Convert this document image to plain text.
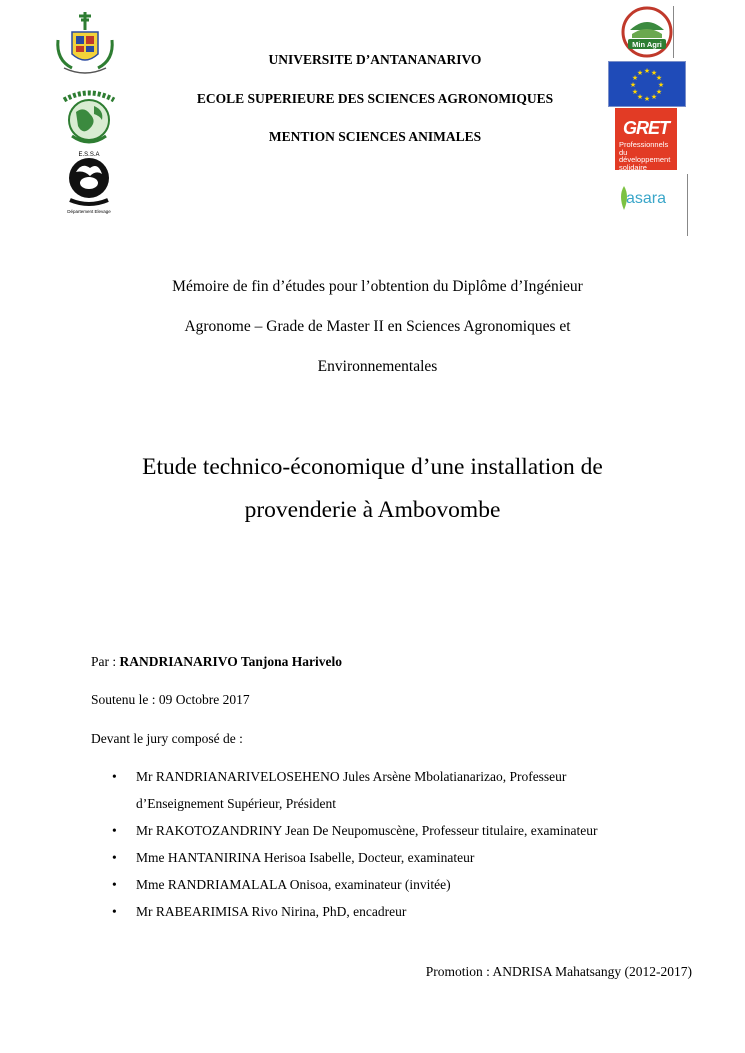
E.S.S.A
Département Elevage
Min Agri
★ ★
★
★
★
★
★
★
★
★
★
★
GRET
Professionnels du
développement
solidaire
asara
UNIVERSITE D’ANTANANARIVO
ECOLE SUPERIEURE DES SCIENCES AGRONOMIQUES
MENTION SCIENCES ANIMALES
Mémoire de fin d’études pour l’obtention du Diplôme d’Ingénieur
Agronome – Grade de Master II en Sciences Agronomiques et
Environnementales
Etude technico-économique d’une installation de
provenderie à Ambovombe
Par : RANDRIANARIVO Tanjona Harivelo
Soutenu le : 09 Octobre 2017
Devant le jury composé de :
• Mr RANDRIANARIVELOSEHENO Jules Arsène Mbolatianarizao, Professeur
d’Enseignement Supérieur, Président
• Mr RAKOTOZANDRINY Jean De Neupomuscène, Professeur titulaire, examinateur
• Mme HANTANIRINA Herisoa Isabelle, Docteur, examinateur
• Mme RANDRIAMALALA Onisoa, examinateur (invitée)
• Mr RABEARIMISA Rivo Nirina, PhD, encadreur
Promotion : ANDRISA Mahatsangy (2012-2017)
